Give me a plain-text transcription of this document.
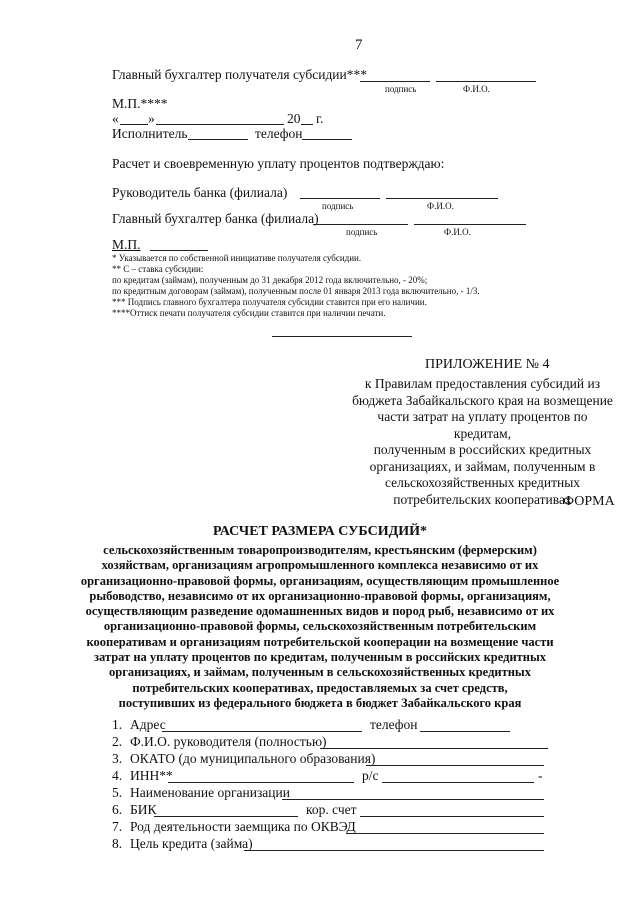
7
Главный бухгалтер получателя субсидии***
подпись	Ф.И.О.
М.П.****
« »	20 г.
Исполнитель	телефон
Расчет и своевременную уплату процентов подтверждаю:
Руководитель банка (филиала)
подпись	Ф.И.О.
Главный бухгалтер банка (филиала)
подпись	Ф.И.О.
М.П.
* Указывается по собственной инициативе получателя субсидии.
** С – ставка субсидии:
по кредитам (займам), полученным до 31 декабря 2012 года включительно, - 20%;
по кредитным договорам (займам), полученным после 01 января 2013 года включительно, - 1/3.
*** Подпись главного бухгалтера получателя субсидии ставится при его наличии.
****Оттиск печати получателя субсидии ставится при наличии печати.
ПРИЛОЖЕНИЕ № 4
к Правилам предоставления субсидий из
бюджета Забайкальского края на возмещение
части затрат на уплату процентов по кредитам,
полученным в российских кредитных
организациях, и займам, полученным в
сельскохозяйственных кредитных
потребительских кооперативах
ФОРМА
РАСЧЕТ РАЗМЕРА СУБСИДИЙ*
сельскохозяйственным товаропроизводителям, крестьянским (фермерским)
хозяйствам, организациям агропромышленного комплекса независимо от их
организационно-правовой формы, организациям, осуществляющим промышленное
рыбоводство, независимо от их организационно-правовой формы, организациям,
осуществляющим разведение одомашненных видов и пород рыб, независимо от их
организационно-правовой формы, сельскохозяйственным потребительским
кооперативам и организациям потребительской кооперации на возмещение части
затрат на уплату процентов по кредитам, полученным в российских кредитных
организациях, и займам, полученным в сельскохозяйственных кредитных
потребительских кооперативах, предоставляемых за счет средств,
поступивших из федерального бюджета в бюджет Забайкальского края
1. Адрес	телефон
2. Ф.И.О. руководителя (полностью)
3. ОКАТО (до муниципального образования)
4. ИНН**	р/с	-
5. Наименование организации
6. БИК	кор. счет
7. Род деятельности заемщика по ОКВЭД
8. Цель кредита (займа)
